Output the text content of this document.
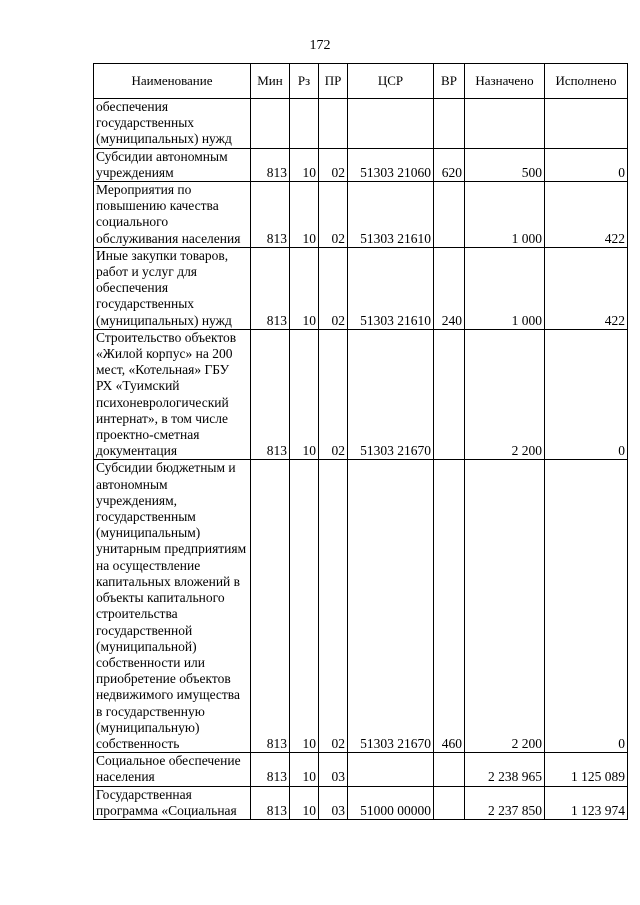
172
Наименование	Мин	Рз	ПР	ЦСР	ВР	Назначено	Исполнено
обеспечения государственных (муниципальных) нужд							
Субсидии автономным учреждениям	813	10	02	51303 21060	620	500	0
Мероприятия по повышению качества социального обслуживания населения	813	10	02	51303 21610		1 000	422
Иные закупки товаров, работ и услуг для обеспечения государственных (муниципальных) нужд	813	10	02	51303 21610	240	1 000	422
Строительство объектов «Жилой корпус» на 200 мест, «Котельная» ГБУ РХ «Туимский психоневрологический интернат», в том числе проектно-сметная документация	813	10	02	51303 21670		2 200	0
Субсидии бюджетным и автономным учреждениям, государственным (муниципальным) унитарным предприятиям на осуществление капитальных вложений в объекты капитального строительства государственной (муниципальной) собственности или приобретение объектов недвижимого имущества в государственную (муниципальную) собственность	813	10	02	51303 21670	460	2 200	0
Социальное обеспечение населения	813	10	03			2 238 965	1 125 089
Государственная программа «Социальная	813	10	03	51000 00000		2 237 850	1 123 974
